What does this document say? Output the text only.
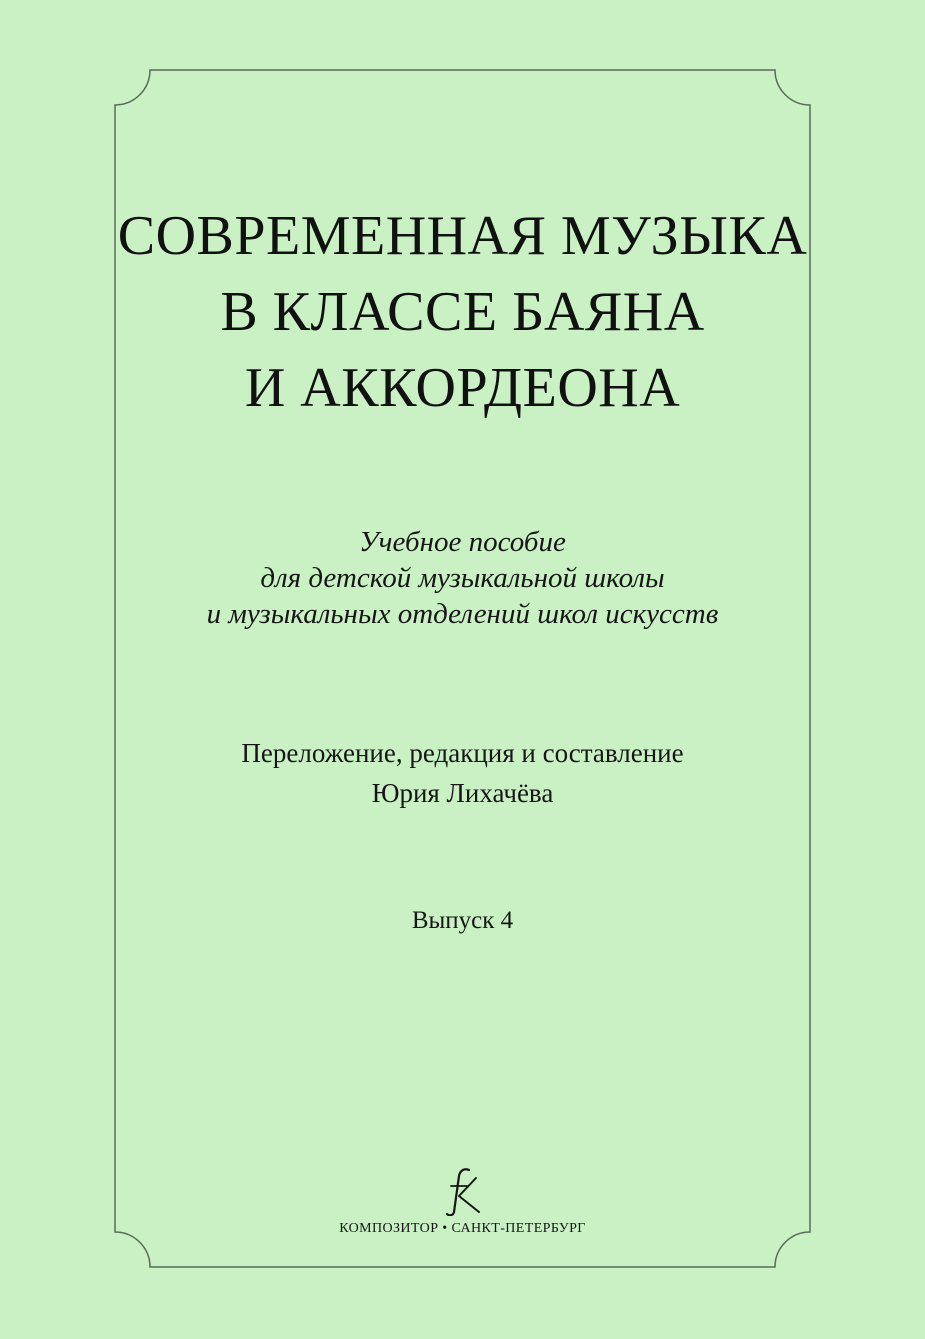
СОВРЕМЕННАЯ МУЗЫКА
В КЛАССЕ БАЯНА
И АККОРДЕОНА
Учебное пособие
для детской музыкальной школы
и музыкальных отделений школ искусств
Переложение, редакция и составление
Юрия Лихачёва
Выпуск 4
КОМПОЗИТОР • САНКТ-ПЕТЕРБУРГ
